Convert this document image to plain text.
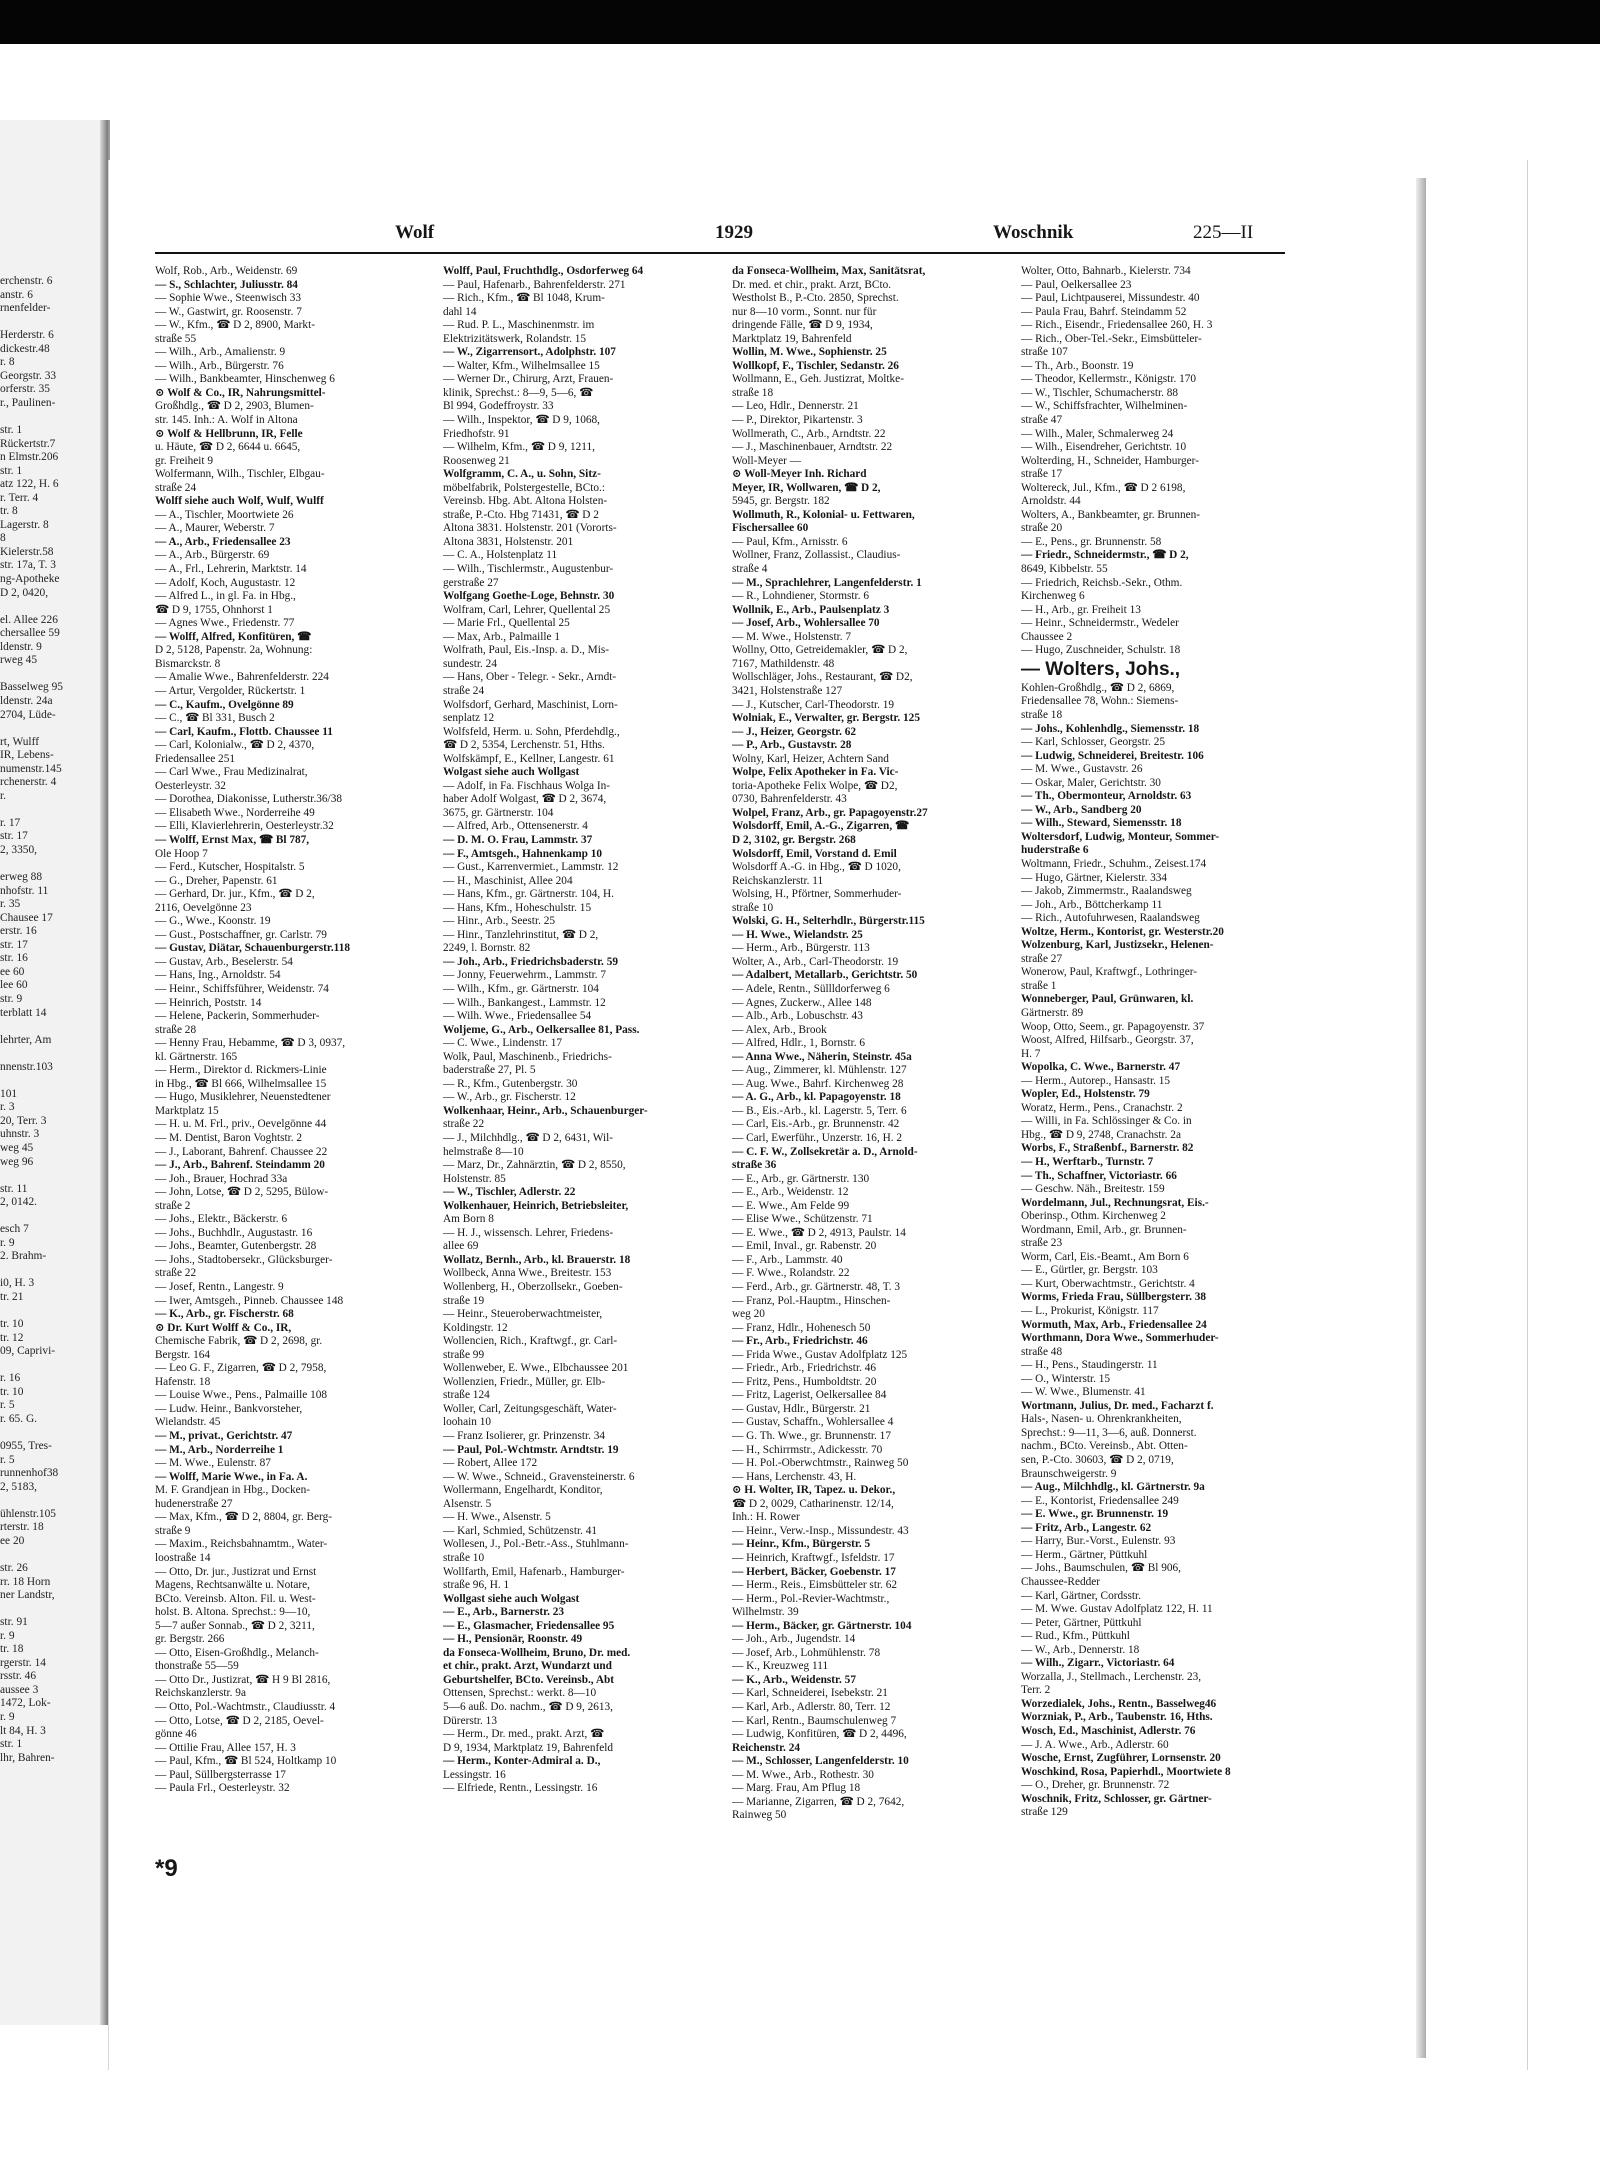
erchenstr. 6
anstr. 6
rnenfelder-

Herderstr. 6
dickestr.48
r. 8
Georgstr. 33
orferstr. 35
r., Paulinen-

str. 1
Rückertstr.7
n Elmstr.206
str. 1
atz 122, H. 6
r. Terr. 4
tr. 8
Lagerstr. 8
8
Kielerstr.58
str. 17a, T. 3
ng-Apotheke
D 2, 0420,

el. Allee 226
chersallee 59
ldenstr. 9
rweg 45

Basselweg 95
ldenstr. 24a
2704, Lüde-

rt, Wulff
IR, Lebens-
numenstr.145
rchenerstr. 4
r.

r. 17
str. 17
2, 3350,

erweg 88
nhofstr. 11
r. 35
Chausee 17
erstr. 16
str. 17
str. 16
ee 60
lee 60
str. 9
terblatt 14

lehrter, Am

nnenstr.103

101
r. 3
20, Terr. 3
uhnstr. 3
weg 45
weg 96

str. 11
2, 0142.

esch 7
r. 9
2. Brahm-

i0, H. 3
tr. 21

tr. 10
tr. 12
09, Caprivi-

r. 16
tr. 10
r. 5
r. 65. G.

0955, Tres-
r. 5
runnenhof38
2, 5183,

ühlenstr.105
rterstr. 18
ee 20

str. 26
rr. 18 Horn
ner Landstr,

str. 91
r. 9
tr. 18
rgerstr. 14
rsstr. 46
aussee 3
1472, Lok-
r. 9
lt 84, H. 3
str. 1
lhr, Bahren-
Wolf	1929	Woschnik	225—II
Wolf, Rob., Arb., Weidenstr. 69
— S., Schlachter, Juliusstr. 84
— Sophie Wwe., Steenwisch 33
— W., Gastwirt, gr. Roosenstr. 7
— W., Kfm., ☎ D 2, 8900, Markt-
straße 55
— Wilh., Arb., Amalienstr. 9
— Wilh., Arb., Bürgerstr. 76
— Wilh., Bankbeamter, Hinschenweg 6
⊙ Wolf & Co., IR, Nahrungsmittel-
Großhdlg., ☎ D 2, 2903, Blumen-
str. 145. Inh.: A. Wolf in Altona
⊙ Wolf & Hellbrunn, IR, Felle
u. Häute, ☎ D 2, 6644 u. 6645,
gr. Freiheit 9
Wolfermann, Wilh., Tischler, Elbgau-
straße 24
Wolff siehe auch Wolf, Wulf, Wulff
— A., Tischler, Moortwiete 26
— A., Maurer, Weberstr. 7
— A., Arb., Friedensallee 23
— A., Arb., Bürgerstr. 69
— A., Frl., Lehrerin, Marktstr. 14
— Adolf, Koch, Augustastr. 12
— Alfred L., in gl. Fa. in Hbg.,
☎ D 9, 1755, Ohnhorst 1
— Agnes Wwe., Friedenstr. 77
— Wolff, Alfred, Konfitüren, ☎
D 2, 5128, Papenstr. 2a, Wohnung:
Bismarckstr. 8
— Amalie Wwe., Bahrenfelderstr. 224
— Artur, Vergolder, Rückertstr. 1
— C., Kaufm., Ovelgönne 89
— C., ☎ Bl 331, Busch 2
— Carl, Kaufm., Flottb. Chaussee 11
— Carl, Kolonialw., ☎ D 2, 4370,
Friedensallee 251
— Carl Wwe., Frau Medizinalrat,
Oesterleystr. 32
— Dorothea, Diakonisse, Lutherstr.36/38
— Elisabeth Wwe., Norderreihe 49
— Elli, Klavierlehrerin, Oesterleystr.32
— Wolff, Ernst Max, ☎ Bl 787,
Ole Hoop 7
— Ferd., Kutscher, Hospitalstr. 5
— G., Dreher, Papenstr. 61
— Gerhard, Dr. jur., Kfm., ☎ D 2,
2116, Oevelgönne 23
— G., Wwe., Koonstr. 19
— Gust., Postschaffner, gr. Carlstr. 79
— Gustav, Diätar, Schauenburgerstr.118
— Gustav, Arb., Beselerstr. 54
— Hans, Ing., Arnoldstr. 54
— Heinr., Schiffsführer, Weidenstr. 74
— Heinrich, Poststr. 14
— Helene, Packerin, Sommerhuder-
straße 28
— Henny Frau, Hebamme, ☎ D 3, 0937,
kl. Gärtnerstr. 165
— Herm., Direktor d. Rickmers-Linie
in Hbg., ☎ Bl 666, Wilhelmsallee 15
— Hugo, Musiklehrer, Neuenstedtener
Marktplatz 15
— H. u. M. Frl., priv., Oevelgönne 44
— M. Dentist, Baron Voghtstr. 2
— J., Laborant, Bahrenf. Chaussee 22
— J., Arb., Bahrenf. Steindamm 20
— Joh., Brauer, Hochrad 33a
— John, Lotse, ☎ D 2, 5295, Bülow-
straße 2
— Johs., Elektr., Bäckerstr. 6
— Johs., Buchhdlr., Augustastr. 16
— Johs., Beamter, Gutenbergstr. 28
— Johs., Stadtobersekr., Glücksburger-
straße 22
— Josef, Rentn., Langestr. 9
— Iwer, Amtsgeh., Pinneb. Chaussee 148
— K., Arb., gr. Fischerstr. 68
⊙ Dr. Kurt Wolff & Co., IR,
Chemische Fabrik, ☎ D 2, 2698, gr.
Bergstr. 164
— Leo G. F., Zigarren, ☎ D 2, 7958,
Hafenstr. 18
— Louise Wwe., Pens., Palmaille 108
— Ludw. Heinr., Bankvorsteher,
Wielandstr. 45
— M., privat., Gerichtstr. 47
— M., Arb., Norderreihe 1
— M. Wwe., Eulenstr. 87
— Wolff, Marie Wwe., in Fa. A.
M. F. Grandjean in Hbg., Docken-
hudenerstraße 27
— Max, Kfm., ☎ D 2, 8804, gr. Berg-
straße 9
— Maxim., Reichsbahnamtm., Water-
loostraße 14
— Otto, Dr. jur., Justizrat und Ernst
Magens, Rechtsanwälte u. Notare,
BCto. Vereinsb. Alton. Fil. u. West-
holst. B. Altona. Sprechst.: 9—10,
5—7 außer Sonnab., ☎ D 2, 3211,
gr. Bergstr. 266
— Otto, Eisen-Großhdlg., Melanch-
thonstraße 55—59
— Otto Dr., Justizrat, ☎ H 9 Bl 2816,
Reichskanzlerstr. 9a
— Otto, Pol.-Wachtmstr., Claudiusstr. 4
— Otto, Lotse, ☎ D 2, 2185, Oevel-
gönne 46
— Ottilie Frau, Allee 157, H. 3
— Paul, Kfm., ☎ Bl 524, Holtkamp 10
— Paul, Süllbergsterrasse 17
— Paula Frl., Oesterleystr. 32
Wolff, Paul, Fruchthdlg., Osdorferweg 64
— Paul, Hafenarb., Bahrenfelderstr. 271
— Rich., Kfm., ☎ Bl 1048, Krum-
dahl 14
— Rud. P. L., Maschinenmstr. im
Elektrizitätswerk, Rolandstr. 15
— W., Zigarrensort., Adolphstr. 107
— Walter, Kfm., Wilhelmsallee 15
— Werner Dr., Chirurg, Arzt, Frauen-
klinik, Sprechst.: 8—9, 5—6, ☎
Bl 994, Godeffroystr. 33
— Wilh., Inspektor, ☎ D 9, 1068,
Friedhofstr. 91
— Wilhelm, Kfm., ☎ D 9, 1211,
Roosenweg 21
Wolfgramm, C. A., u. Sohn, Sitz-
möbelfabrik, Polstergestelle, BCto.:
Vereinsb. Hbg. Abt. Altona Holsten-
straße, P.-Cto. Hbg 71431, ☎ D 2
Altona 3831. Holstenstr. 201 (Vororts-
Altona 3831, Holstenstr. 201
— C. A., Holstenplatz 11
— Wilh., Tischlermstr., Augustenbur-
gerstraße 27
Wolfgang Goethe-Loge, Behnstr. 30
Wolfram, Carl, Lehrer, Quellental 25
— Marie Frl., Quellental 25
— Max, Arb., Palmaille 1
Wolfrath, Paul, Eis.-Insp. a. D., Mis-
sundestr. 24
— Hans, Ober - Telegr. - Sekr., Arndt-
straße 24
Wolfsdorf, Gerhard, Maschinist, Lorn-
senplatz 12
Wolfsfeld, Herm. u. Sohn, Pferdehdlg.,
☎ D 2, 5354, Lerchenstr. 51, Hths.
Wolfskämpf, E., Kellner, Langestr. 61
Wolgast siehe auch Wollgast
— Adolf, in Fa. Fischhaus Wolga In-
haber Adolf Wolgast, ☎ D 2, 3674,
3675, gr. Gärtnerstr. 104
— Alfred, Arb., Ottensenerstr. 4
— D. M. O. Frau, Lammstr. 37
— F., Amtsgeh., Hahnenkamp 10
— Gust., Karrenvermiet., Lammstr. 12
— H., Maschinist, Allee 204
— Hans, Kfm., gr. Gärtnerstr. 104, H.
— Hans, Kfm., Hoheschulstr. 15
— Hinr., Arb., Seestr. 25
— Hinr., Tanzlehrinstitut, ☎ D 2,
2249, l. Bornstr. 82
— Joh., Arb., Friedrichsbaderstr. 59
— Jonny, Feuerwehrm., Lammstr. 7
— Wilh., Kfm., gr. Gärtnerstr. 104
— Wilh., Bankangest., Lammstr. 12
— Wilh. Wwe., Friedensallee 54
Woljeme, G., Arb., Oelkersallee 81, Pass.
— C. Wwe., Lindenstr. 17
Wolk, Paul, Maschinenb., Friedrichs-
baderstraße 27, Pl. 5
— R., Kfm., Gutenbergstr. 30
— W., Arb., gr. Fischerstr. 12
Wolkenhaar, Heinr., Arb., Schauenburger-
straße 22
— J., Milchhdlg., ☎ D 2, 6431, Wil-
helmstraße 8—10
— Marz, Dr., Zahnärztin, ☎ D 2, 8550,
Holstenstr. 85
— W., Tischler, Adlerstr. 22
Wolkenhauer, Heinrich, Betriebsleiter,
Am Born 8
— H. J., wissensch. Lehrer, Friedens-
allee 69
Wollatz, Bernh., Arb., kl. Brauerstr. 18
Wollbeck, Anna Wwe., Breitestr. 153
Wollenberg, H., Oberzollsekr., Goeben-
straße 19
— Heinr., Steueroberwachtmeister,
Koldingstr. 12
Wollencien, Rich., Kraftwgf., gr. Carl-
straße 99
Wollenweber, E. Wwe., Elbchaussee 201
Wollenzien, Friedr., Müller, gr. Elb-
straße 124
Woller, Carl, Zeitungsgeschäft, Water-
loohain 10
— Franz Isolierer, gr. Prinzenstr. 34
— Paul, Pol.-Wchtmstr. Arndtstr. 19
— Robert, Allee 172
— W. Wwe., Schneid., Gravensteinerstr. 6
Wollermann, Engelhardt, Konditor,
Alsenstr. 5
— H. Wwe., Alsenstr. 5
— Karl, Schmied, Schützenstr. 41
Wollesen, J., Pol.-Betr.-Ass., Stuhlmann-
straße 10
Wollfarth, Emil, Hafenarb., Hamburger-
straße 96, H. 1
Wollgast siehe auch Wolgast
— E., Arb., Barnerstr. 23
— E., Glasmacher, Friedensallee 95
— H., Pensionär, Roonstr. 49
da Fonseca-Wollheim, Bruno, Dr. med.
et chir., prakt. Arzt, Wundarzt und
Geburtshelfer, BCto. Vereinsb., Abt
Ottensen, Sprechst.: werkt. 8—10
5—6 auß. Do. nachm., ☎ D 9, 2613,
Dürerstr. 13
— Herm., Dr. med., prakt. Arzt, ☎
D 9, 1934, Marktplatz 19, Bahrenfeld
— Herm., Konter-Admiral a. D.,
Lessingstr. 16
— Elfriede, Rentn., Lessingstr. 16
da Fonseca-Wollheim, Max, Sanitätsrat,
Dr. med. et chir., prakt. Arzt, BCto.
Westholst B., P.-Cto. 2850, Sprechst.
nur 8—10 vorm., Sonnt. nur für
dringende Fälle, ☎ D 9, 1934,
Marktplatz 19, Bahrenfeld
Wollin, M. Wwe., Sophienstr. 25
Wollkopf, F., Tischler, Sedanstr. 26
Wollmann, E., Geh. Justizrat, Moltke-
straße 18
— Leo, Hdlr., Dennerstr. 21
— P., Direktor, Pikartenstr. 3
Wollmerath, C., Arb., Arndtstr. 22
— J., Maschinenbauer, Arndtstr. 22
Woll-Meyer —
⊙ Woll-Meyer Inh. Richard
Meyer, IR, Wollwaren, ☎ D 2,
5945, gr. Bergstr. 182
Wollmuth, R., Kolonial- u. Fettwaren,
Fischersallee 60
— Paul, Kfm., Arnisstr. 6
Wollner, Franz, Zollassist., Claudius-
straße 4
— M., Sprachlehrer, Langenfelderstr. 1
— R., Lohndiener, Stormstr. 6
Wollnik, E., Arb., Paulsenplatz 3
— Josef, Arb., Wohlersallee 70
— M. Wwe., Holstenstr. 7
Wollny, Otto, Getreidemakler, ☎ D 2,
7167, Mathildenstr. 48
Wollschläger, Johs., Restaurant, ☎ D2,
3421, Holstenstraße 127
— J., Kutscher, Carl-Theodorstr. 19
Wolniak, E., Verwalter, gr. Bergstr. 125
— J., Heizer, Georgstr. 62
— P., Arb., Gustavstr. 28
Wolny, Karl, Heizer, Achtern Sand
Wolpe, Felix Apotheker in Fa. Vic-
toria-Apotheke Felix Wolpe, ☎ D2,
0730, Bahrenfelderstr. 43
Wolpel, Franz, Arb., gr. Papagoyenstr.27
Wolsdorff, Emil, A.-G., Zigarren, ☎
D 2, 3102, gr. Bergstr. 268
Wolsdorff, Emil, Vorstand d. Emil
Wolsdorff A.-G. in Hbg., ☎ D 1020,
Reichskanzlerstr. 11
Wolsing, H., Pförtner, Sommerhuder-
straße 10
Wolski, G. H., Selterhdlr., Bürgerstr.115
— H. Wwe., Wielandstr. 25
— Herm., Arb., Bürgerstr. 113
Wolter, A., Arb., Carl-Theodorstr. 19
— Adalbert, Metallarb., Gerichtstr. 50
— Adele, Rentn., Süllldorferweg 6
— Agnes, Zuckerw., Allee 148
— Alb., Arb., Lobuschstr. 43
— Alex, Arb., Brook
— Alfred, Hdlr., 1, Bornstr. 6
— Anna Wwe., Näherin, Steinstr. 45a
— Aug., Zimmerer, kl. Mühlenstr. 127
— Aug. Wwe., Bahrf. Kirchenweg 28
— A. G., Arb., kl. Papagoyenstr. 18
— B., Eis.-Arb., kl. Lagerstr. 5, Terr. 6
— Carl, Eis.-Arb., gr. Brunnenstr. 42
— Carl, Ewerführ., Unzerstr. 16, H. 2
— C. F. W., Zollsekretär a. D., Arnold-
straße 36
— E., Arb., gr. Gärtnerstr. 130
— E., Arb., Weidenstr. 12
— E. Wwe., Am Felde 99
— Elise Wwe., Schützenstr. 71
— E. Wwe., ☎ D 2, 4913, Paulstr. 14
— Emil, Inval., gr. Rabenstr. 20
— F., Arb., Lammstr. 40
— F. Wwe., Rolandstr. 22
— Ferd., Arb., gr. Gärtnerstr. 48, T. 3
— Franz, Pol.-Hauptm., Hinschen-
weg 20
— Franz, Hdlr., Hohenesch 50
— Fr., Arb., Friedrichstr. 46
— Frida Wwe., Gustav Adolfplatz 125
— Friedr., Arb., Friedrichstr. 46
— Fritz, Pens., Humboldtstr. 20
— Fritz, Lagerist, Oelkersallee 84
— Gustav, Hdlr., Bürgerstr. 21
— Gustav, Schaffn., Wohlersallee 4
— G. Th. Wwe., gr. Brunnenstr. 17
— H., Schirrmstr., Adickesstr. 70
— H. Pol.-Oberwchtmstr., Rainweg 50
— Hans, Lerchenstr. 43, H.
⊙ H. Wolter, IR, Tapez. u. Dekor.,
☎ D 2, 0029, Catharinenstr. 12/14,
Inh.: H. Rower
— Heinr., Verw.-Insp., Missundestr. 43
— Heinr., Kfm., Bürgerstr. 5
— Heinrich, Kraftwgf., Isfeldstr. 17
— Herbert, Bäcker, Goebenstr. 17
— Herm., Reis., Eimsbütteler str. 62
— Herm., Pol.-Revier-Wachtmstr.,
Wilhelmstr. 39
— Herm., Bäcker, gr. Gärtnerstr. 104
— Joh., Arb., Jugendstr. 14
— Josef, Arb., Lohmühlenstr. 78
— K., Kreuzweg 111
— K., Arb., Weidenstr. 57
— Karl, Schneiderei, Isebekstr. 21
— Karl, Arb., Adlerstr. 80, Terr. 12
— Karl, Rentn., Baumschulenweg 7
— Ludwig, Konfitüren, ☎ D 2, 4496,
Reichenstr. 24
— M., Schlosser, Langenfelderstr. 10
— M. Wwe., Arb., Rothestr. 30
— Marg. Frau, Am Pflug 18
— Marianne, Zigarren, ☎ D 2, 7642,
Rainweg 50
Wolter, Otto, Bahnarb., Kielerstr. 734
— Paul, Oelkersallee 23
— Paul, Lichtpauserei, Missundestr. 40
— Paula Frau, Bahrf. Steindamm 52
— Rich., Eisendr., Friedensallee 260, H. 3
— Rich., Ober-Tel.-Sekr., Eimsbütteler-
straße 107
— Th., Arb., Boonstr. 19
— Theodor, Kellermstr., Königstr. 170
— W., Tischler, Schumacherstr. 88
— W., Schiffsfrachter, Wilhelminen-
straße 47
— Wilh., Maler, Schmalerweg 24
— Wilh., Eisendreher, Gerichtstr. 10
Wolterding, H., Schneider, Hamburger-
straße 17
Woltereck, Jul., Kfm., ☎ D 2 6198,
Arnoldstr. 44
Wolters, A., Bankbeamter, gr. Brunnen-
straße 20
— E., Pens., gr. Brunnenstr. 58
— Friedr., Schneidermstr., ☎ D 2,
8649, Kibbelstr. 55
— Friedrich, Reichsb.-Sekr., Othm.
Kirchenweg 6
— H., Arb., gr. Freiheit 13
— Heinr., Schneidermstr., Wedeler
Chaussee 2
— Hugo, Zuschneider, Schulstr. 18
— Wolters, Johs.,
Kohlen-Großhdlg., ☎ D 2, 6869,
Friedensallee 78, Wohn.: Siemens-
straße 18
— Johs., Kohlenhdlg., Siemensstr. 18
— Karl, Schlosser, Georgstr. 25
— Ludwig, Schneiderei, Breitestr. 106
— M. Wwe., Gustavstr. 26
— Oskar, Maler, Gerichtstr. 30
— Th., Obermonteur, Arnoldstr. 63
— W., Arb., Sandberg 20
— Wilh., Steward, Siemensstr. 18
Woltersdorf, Ludwig, Monteur, Sommer-
huderstraße 6
Woltmann, Friedr., Schuhm., Zeisest.174
— Hugo, Gärtner, Kielerstr. 334
— Jakob, Zimmermstr., Raalandsweg
— Joh., Arb., Böttcherkamp 11
— Rich., Autofuhrwesen, Raalandsweg
Woltze, Herm., Kontorist, gr. Westerstr.20
Wolzenburg, Karl, Justizsekr., Helenen-
straße 27
Wonerow, Paul, Kraftwgf., Lothringer-
straße 1
Wonneberger, Paul, Grünwaren, kl.
Gärtnerstr. 89
Woop, Otto, Seem., gr. Papagoyenstr. 37
Woost, Alfred, Hilfsarb., Georgstr. 37,
H. 7
Wopolka, C. Wwe., Barnerstr. 47
— Herm., Autorep., Hansastr. 15
Wopler, Ed., Holstenstr. 79
Woratz, Herm., Pens., Cranachstr. 2
— Willi, in Fa. Schlössinger & Co. in
Hbg., ☎ D 9, 2748, Cranachstr. 2a
Worbs, F., Straßenbf., Barnerstr. 82
— H., Werftarb., Turnstr. 7
— Th., Schaffner, Victoriastr. 66
— Geschw. Näh., Breitestr. 159
Wordelmann, Jul., Rechnungsrat, Eis.-
Oberinsp., Othm. Kirchenweg 2
Wordmann, Emil, Arb., gr. Brunnen-
straße 23
Worm, Carl, Eis.-Beamt., Am Born 6
— E., Gürtler, gr. Bergstr. 103
— Kurt, Oberwachtmstr., Gerichtstr. 4
Worms, Frieda Frau, Süllbergsterr. 38
— L., Prokurist, Königstr. 117
Wormuth, Max, Arb., Friedensallee 24
Worthmann, Dora Wwe., Sommerhuder-
straße 48
— H., Pens., Staudingerstr. 11
— O., Winterstr. 15
— W. Wwe., Blumenstr. 41
Wortmann, Julius, Dr. med., Facharzt f.
Hals-, Nasen- u. Ohrenkrankheiten,
Sprechst.: 9—11, 3—6, auß. Donnerst.
nachm., BCto. Vereinsb., Abt. Otten-
sen, P.-Cto. 30603, ☎ D 2, 0719,
Braunschweigerstr. 9
— Aug., Milchhdlg., kl. Gärtnerstr. 9a
— E., Kontorist, Friedensallee 249
— E. Wwe., gr. Brunnenstr. 19
— Fritz, Arb., Langestr. 62
— Harry, Bur.-Vorst., Eulenstr. 93
— Herm., Gärtner, Püttkuhl
— Johs., Baumschulen, ☎ Bl 906,
Chaussee-Redder
— Karl, Gärtner, Cordsstr.
— M. Wwe. Gustav Adolfplatz 122, H. 11
— Peter, Gärtner, Püttkuhl
— Rud., Kfm., Püttkuhl
— W., Arb., Dennerstr. 18
— Wilh., Zigarr., Victoriastr. 64
Worzalla, J., Stellmach., Lerchenstr. 23,
Terr. 2
Worzedialek, Johs., Rentn., Basselweg46
Worzniak, P., Arb., Taubenstr. 16, Hths.
Wosch, Ed., Maschinist, Adlerstr. 76
— J. A. Wwe., Arb., Adlerstr. 60
Wosche, Ernst, Zugführer, Lornsenstr. 20
Woschkind, Rosa, Papierhdl., Moortwiete 8
— O., Dreher, gr. Brunnenstr. 72
Woschnik, Fritz, Schlosser, gr. Gärtner-
straße 129
*9
